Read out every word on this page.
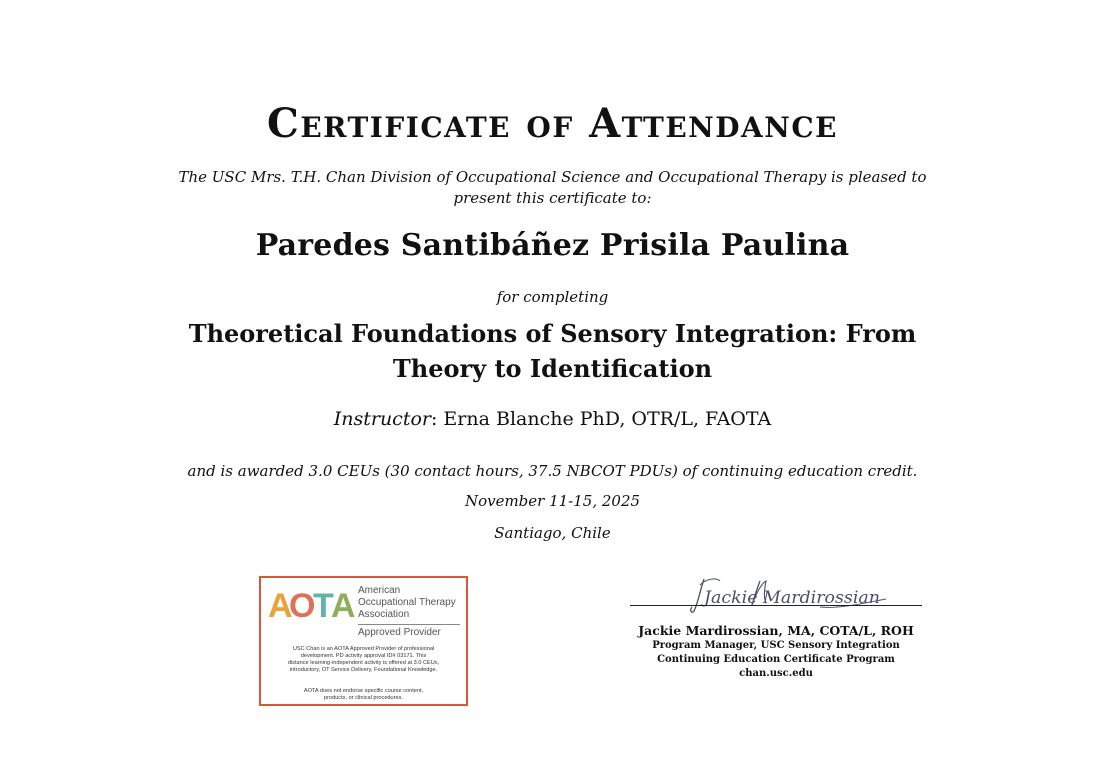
Certificate of Attendance
The USC Mrs. T.H. Chan Division of Occupational Science and Occupational Therapy is pleased to
present this certificate to:
Paredes Santibáñez Prisila Paulina
for completing
Theoretical Foundations of Sensory Integration: From
Theory to Identification
Instructor: Erna Blanche PhD, OTR/L, FAOTA
and is awarded 3.0 CEUs (30 contact hours, 37.5 NBCOT PDUs) of continuing education credit.
November 11-15, 2025
Santiago, Chile
A
O
T
A American
Occupational Therapy
Association
Approved Provider
USC Chan is an AOTA Approved Provider of professional
development. PD activity approval ID# 03171. This
distance learning-independent activity is offered at 3.0 CEUs,
introductory, OT Service Delivery, Foundational Knowledge.
AOTA does not endorse specific course content,
products, or clinical procedures.
Jackie Mardirossian
Jackie Mardirossian, MA, COTA/L, ROH
Program Manager, USC Sensory Integration
Continuing Education Certificate Program
chan.usc.edu
